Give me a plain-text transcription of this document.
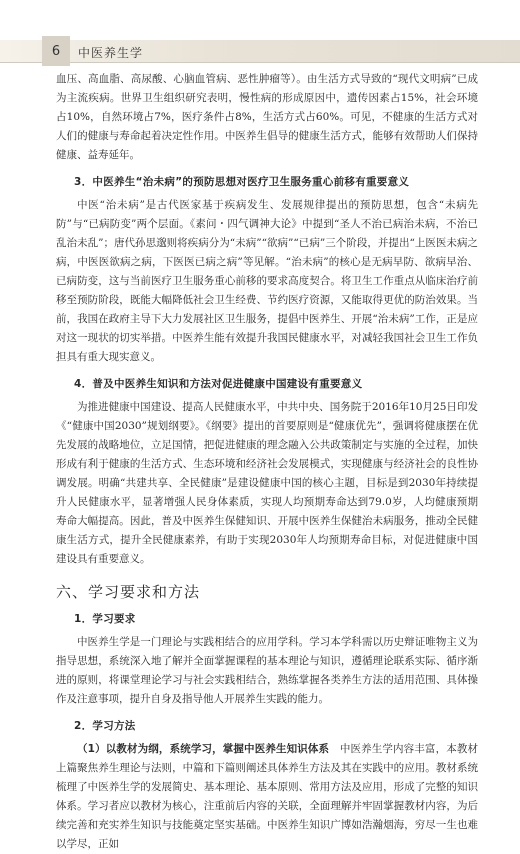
6	中医养生学

血压、高血脂、高尿酸、心脑血管病、恶性肿瘤等）。由生活方式导致的“现代文明病”已成为主流疾病。世界卫生组织研究表明，慢性病的形成原因中，遗传因素占15%，社会环境占10%，自然环境占7%，医疗条件占8%，生活方式占60%。可见，不健康的生活方式对人们的健康与寿命起着决定性作用。中医养生倡导的健康生活方式，能够有效帮助人们保持健康、益寿延年。

3．中医养生“治未病”的预防思想对医疗卫生服务重心前移有重要意义

中医“治未病”是古代医家基于疾病发生、发展规律提出的预防思想，包含“未病先防”与“已病防变”两个层面。《素问・四气调神大论》中提到“圣人不治已病治未病，不治已乱治未乱”；唐代孙思邈则将疾病分为“未病”“欲病”“已病”三个阶段，并提出“上医医未病之病，中医医欲病之病，下医医已病之病”等见解。“治未病”的核心是无病早防、欲病早治、已病防变，这与当前医疗卫生服务重心前移的要求高度契合。将卫生工作重点从临床治疗前移至预防阶段，既能大幅降低社会卫生经费、节约医疗资源，又能取得更优的防治效果。当前，我国在政府主导下大力发展社区卫生服务，提倡中医养生、开展“治未病”工作，正是应对这一现状的切实举措。中医养生能有效提升我国民健康水平，对减轻我国社会卫生工作负担具有重大现实意义。

4．普及中医养生知识和方法对促进健康中国建设有重要意义

为推进健康中国建设、提高人民健康水平，中共中央、国务院于2016年10月25日印发《“健康中国2030”规划纲要》。《纲要》提出的首要原则是“健康优先”，强调将健康摆在优先发展的战略地位，立足国情，把促进健康的理念融入公共政策制定与实施的全过程，加快形成有利于健康的生活方式、生态环境和经济社会发展模式，实现健康与经济社会的良性协调发展。明确“共建共享、全民健康”是建设健康中国的核心主题，目标是到2030年持续提升人民健康水平，显著增强人民身体素质，实现人均预期寿命达到79.0岁，人均健康预期寿命大幅提高。因此，普及中医养生保健知识、开展中医养生保健治未病服务，推动全民健康生活方式，提升全民健康素养，有助于实现2030年人均预期寿命目标，对促进健康中国建设具有重要意义。

六、学习要求和方法
1．学习要求

中医养生学是一门理论与实践相结合的应用学科。学习本学科需以历史辩证唯物主义为指导思想，系统深入地了解并全面掌握课程的基本理论与知识，遵循理论联系实际、循序渐进的原则，将课堂理论学习与社会实践相结合，熟练掌握各类养生方法的适用范围、具体操作及注意事项，提升自身及指导他人开展养生实践的能力。

2．学习方法

（1）以教材为纲，系统学习，掌握中医养生知识体系　 中医养生学内容丰富，本教材上篇聚焦养生理论与法则，中篇和下篇则阐述具体养生方法及其在实践中的应用。教材系统梳理了中医养生学的发展简史、基本理论、基本原则、常用方法及应用，形成了完整的知识体系。学习者应以教材为核心，注重前后内容的关联，全面理解并牢固掌握教材内容，为后续完善和充实养生知识与技能奠定坚实基础。中医养生知识广博如浩瀚烟海，穷尽一生也难以学尽，正如
